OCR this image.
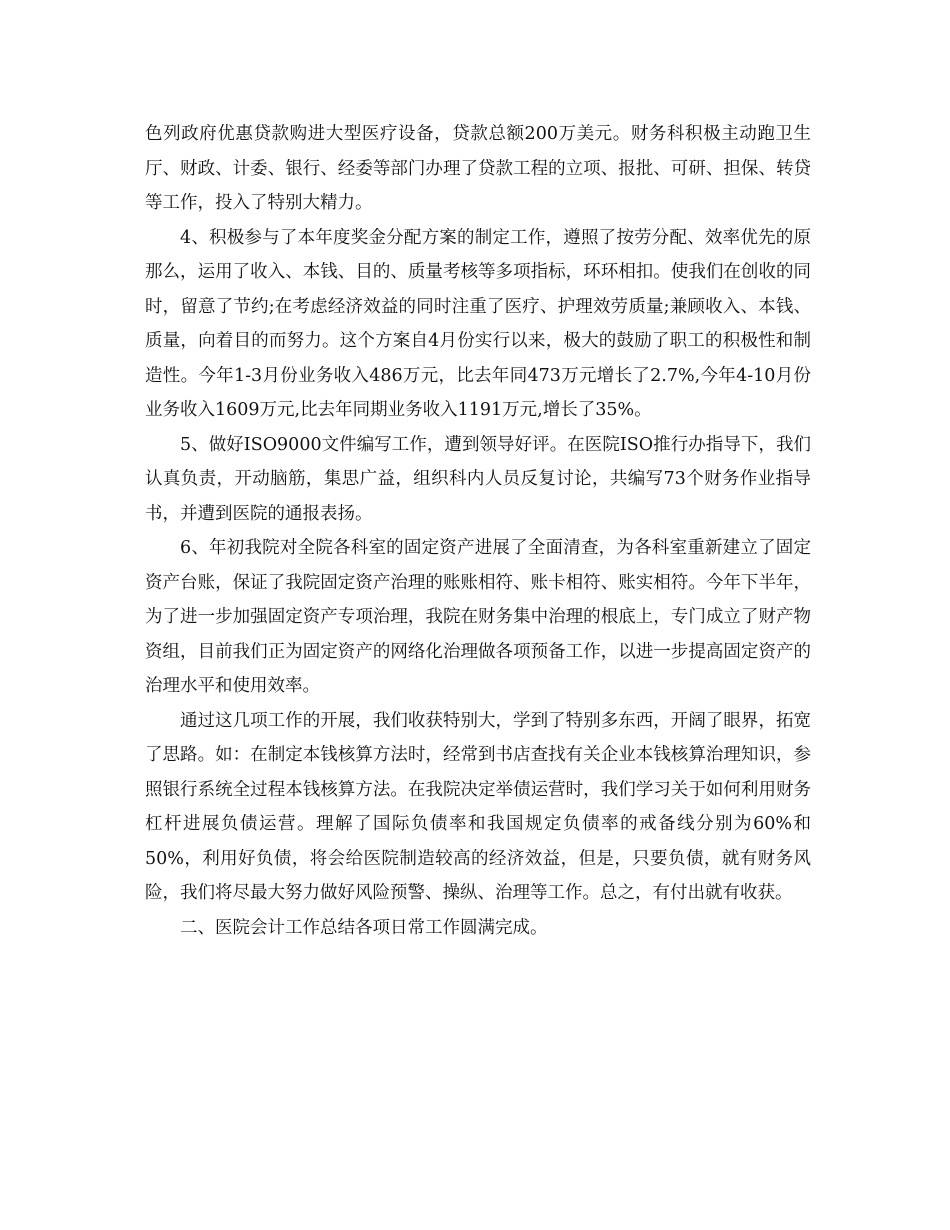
色列政府优惠贷款购进大型医疗设备，贷款总额200万美元。财务科积极主动跑卫生厅、财政、计委、银行、经委等部门办理了贷款工程的立项、报批、可研、担保、转贷等工作，投入了特别大精力。

4、积极参与了本年度奖金分配方案的制定工作，遵照了按劳分配、效率优先的原那么，运用了收入、本钱、目的、质量考核等多项指标，环环相扣。使我们在创收的同时，留意了节约;在考虑经济效益的同时注重了医疗、护理效劳质量;兼顾收入、本钱、质量，向着目的而努力。这个方案自4月份实行以来，极大的鼓励了职工的积极性和制造性。今年1-3月份业务收入486万元，比去年同473万元增长了2.7%,今年4-10月份业务收入1609万元,比去年同期业务收入1191万元,增长了35%。

5、做好ISO9000文件编写工作，遭到领导好评。在医院ISO推行办指导下，我们认真负责，开动脑筋，集思广益，组织科内人员反复讨论，共编写73个财务作业指导书，并遭到医院的通报表扬。

6、年初我院对全院各科室的固定资产进展了全面清查，为各科室重新建立了固定资产台账，保证了我院固定资产治理的账账相符、账卡相符、账实相符。今年下半年，为了进一步加强固定资产专项治理，我院在财务集中治理的根底上，专门成立了财产物资组，目前我们正为固定资产的网络化治理做各项预备工作，以进一步提高固定资产的治理水平和使用效率。

通过这几项工作的开展，我们收获特别大，学到了特别多东西，开阔了眼界，拓宽了思路。如：在制定本钱核算方法时，经常到书店查找有关企业本钱核算治理知识，参照银行系统全过程本钱核算方法。在我院决定举债运营时，我们学习关于如何利用财务杠杆进展负债运营。理解了国际负债率和我国规定负债率的戒备线分别为60%和50%，利用好负债，将会给医院制造较高的经济效益，但是，只要负债，就有财务风险，我们将尽最大努力做好风险预警、操纵、治理等工作。总之，有付出就有收获。

二、医院会计工作总结各项日常工作圆满完成。
